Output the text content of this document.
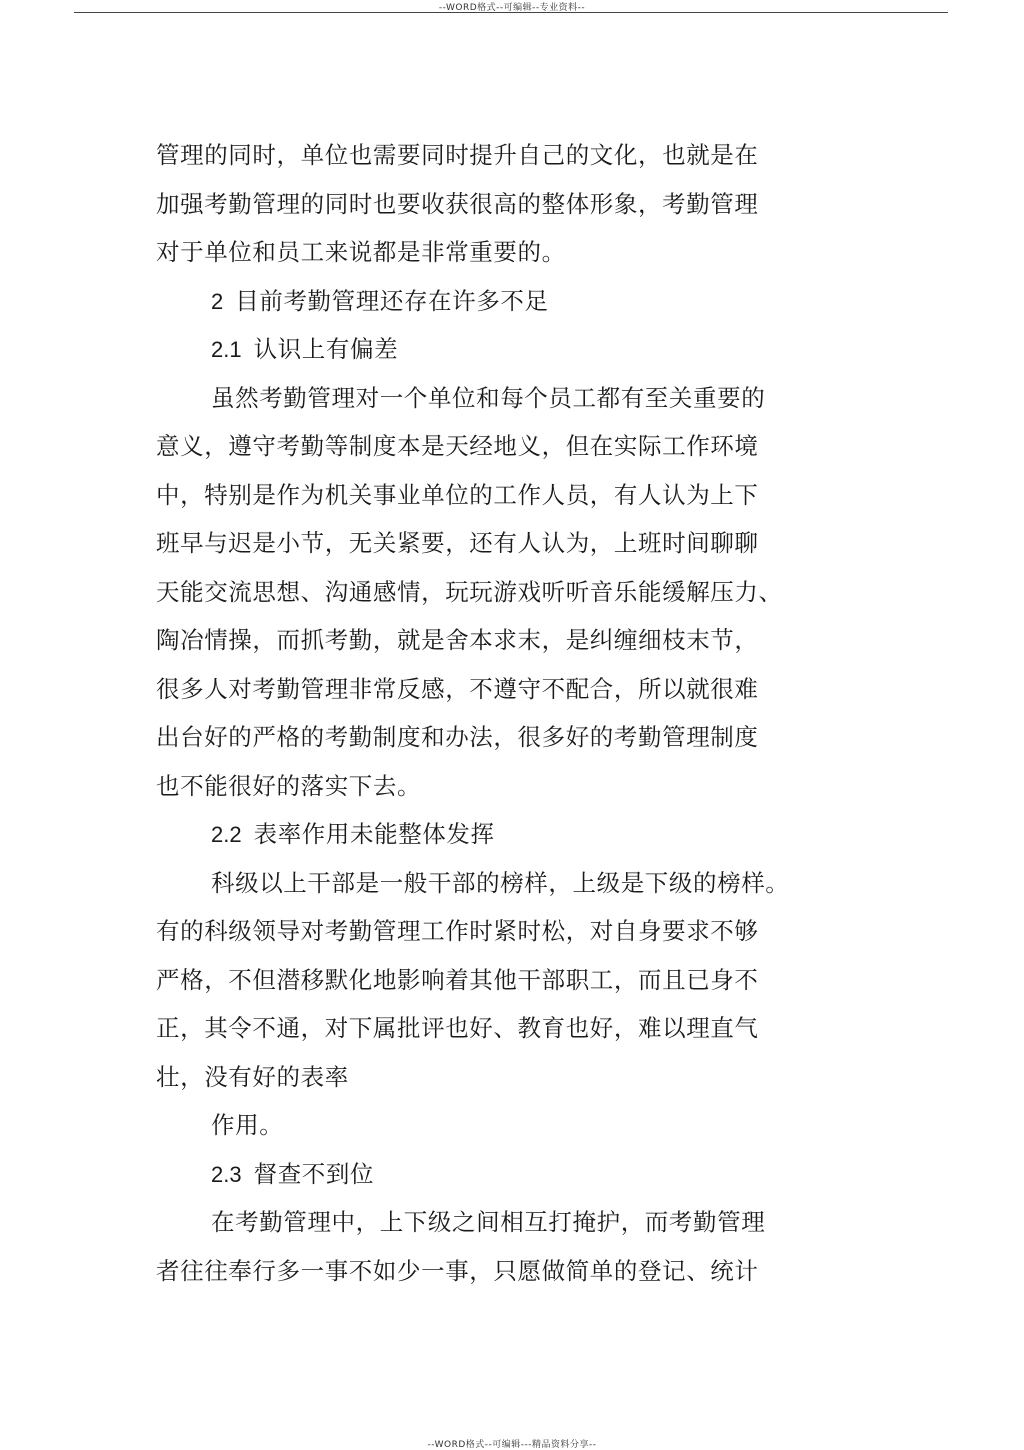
--WORD格式--可编辑--专业资料--
管理的同时，单位也需要同时提升自己的文化，也就是在
加强考勤管理的同时也要收获很高的整体形象，考勤管理
对于单位和员工来说都是非常重要的。
2 目前考勤管理还存在许多不足
2.1 认识上有偏差
虽然考勤管理对一个单位和每个员工都有至关重要的
意义，遵守考勤等制度本是天经地义，但在实际工作环境
中，特别是作为机关事业单位的工作人员，有人认为上下
班早与迟是小节，无关紧要，还有人认为，上班时间聊聊
天能交流思想、沟通感情，玩玩游戏听听音乐能缓解压力、
陶冶情操，而抓考勤，就是舍本求末，是纠缠细枝末节，
很多人对考勤管理非常反感，不遵守不配合，所以就很难
出台好的严格的考勤制度和办法，很多好的考勤管理制度
也不能很好的落实下去。
2.2 表率作用未能整体发挥
科级以上干部是一般干部的榜样，上级是下级的榜样。
有的科级领导对考勤管理工作时紧时松，对自身要求不够
严格，不但潜移默化地影响着其他干部职工，而且已身不
正，其令不通，对下属批评也好、教育也好，难以理直气
壮，没有好的表率
作用。
2.3 督查不到位
在考勤管理中，上下级之间相互打掩护，而考勤管理
者往往奉行多一事不如少一事，只愿做简单的登记、统计
--WORD格式--可编辑---精品资料分享--
